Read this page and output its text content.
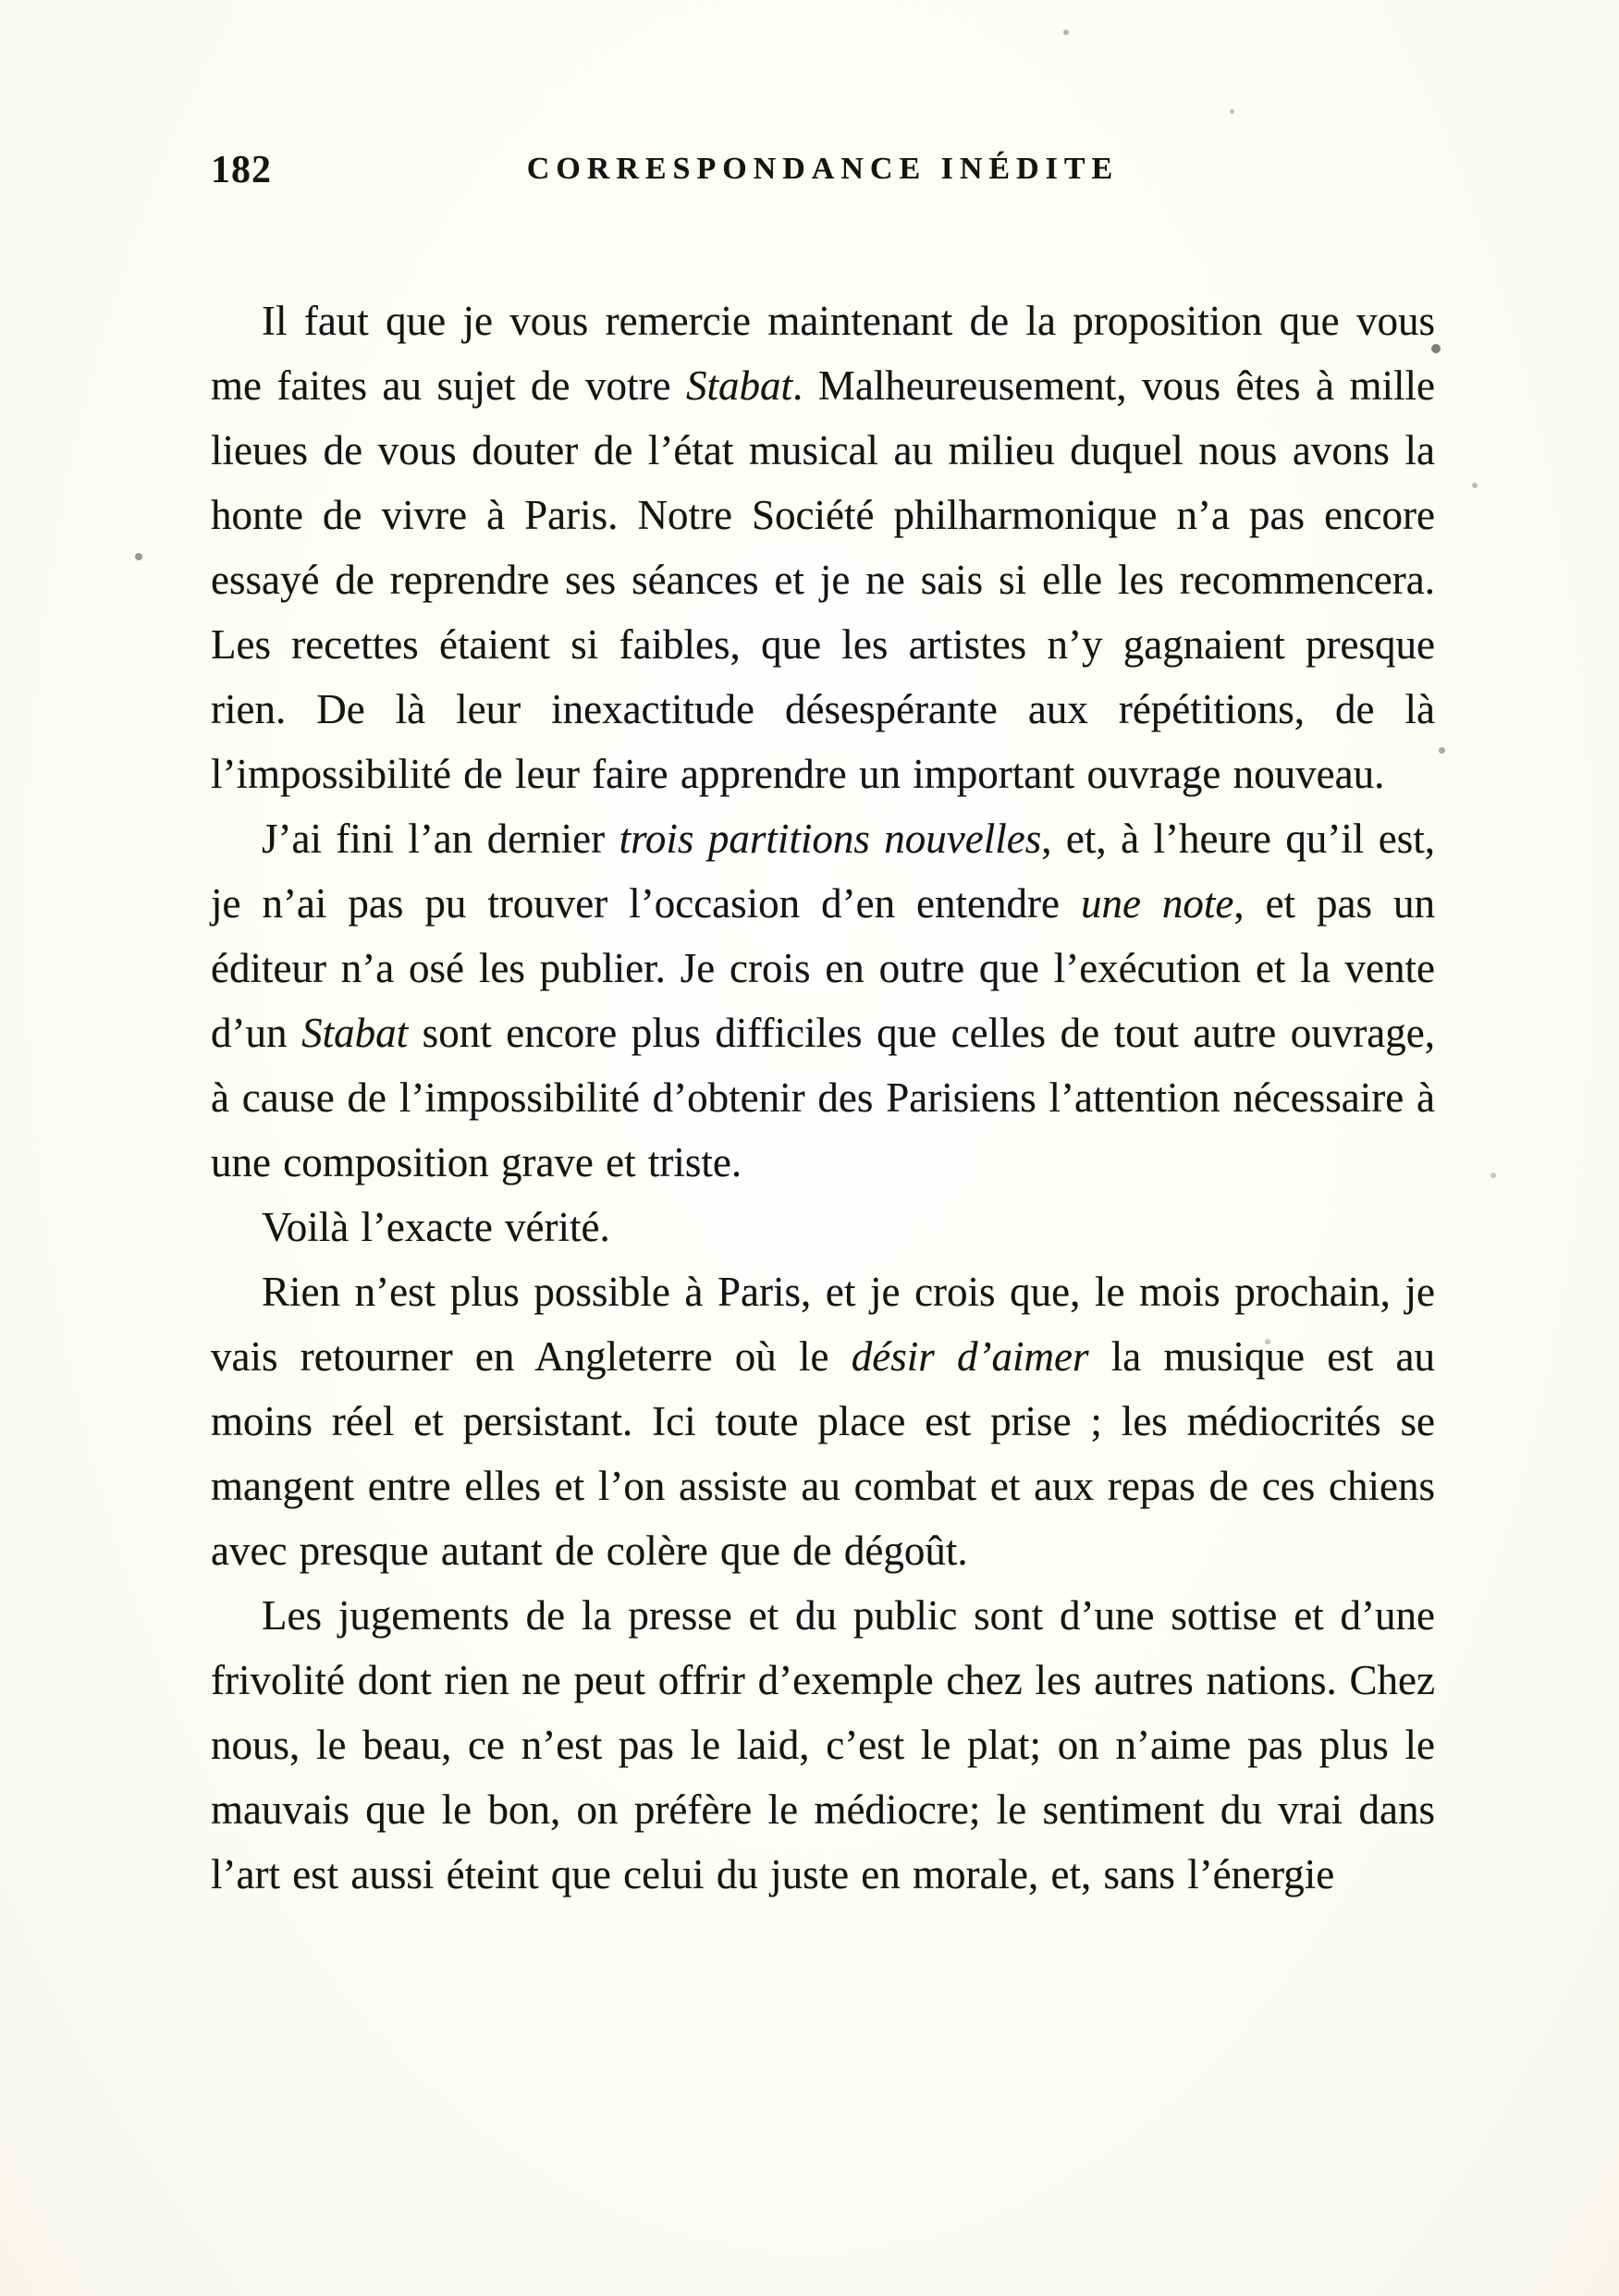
182	CORRESPONDANCE INÉDITE

Il faut que je vous remercie maintenant de la proposition que vous me faites au sujet de votre Stabat. Malheureusement, vous êtes à mille lieues de vous douter de l’état musical au milieu duquel nous avons la honte de vivre à Paris. Notre Société philharmonique n’a pas encore essayé de reprendre ses séances et je ne sais si elle les recommencera. Les recettes étaient si faibles, que les artistes n’y gagnaient presque rien. De là leur inexactitude désespérante aux répétitions, de là l’impossibilité de leur faire apprendre un important ouvrage nouveau.

J’ai fini l’an dernier trois partitions nouvelles, et, à l’heure qu’il est, je n’ai pas pu trouver l’occasion d’en entendre une note, et pas un éditeur n’a osé les publier. Je crois en outre que l’exécution et la vente d’un Stabat sont encore plus difficiles que celles de tout autre ouvrage, à cause de l’impossibilité d’obtenir des Parisiens l’attention nécessaire à une composition grave et triste.

Voilà l’exacte vérité.

Rien n’est plus possible à Paris, et je crois que, le mois prochain, je vais retourner en Angleterre où le désir d’aimer la musique est au moins réel et persistant. Ici toute place est prise ; les médiocrités se mangent entre elles et l’on assiste au combat et aux repas de ces chiens avec presque autant de colère que de dégoût.

Les jugements de la presse et du public sont d’une sottise et d’une frivolité dont rien ne peut offrir d’exemple chez les autres nations. Chez nous, le beau, ce n’est pas le laid, c’est le plat; on n’aime pas plus le mauvais que le bon, on préfère le médiocre; le sentiment du vrai dans l’art est aussi éteint que celui du juste en morale, et, sans l’énergie
